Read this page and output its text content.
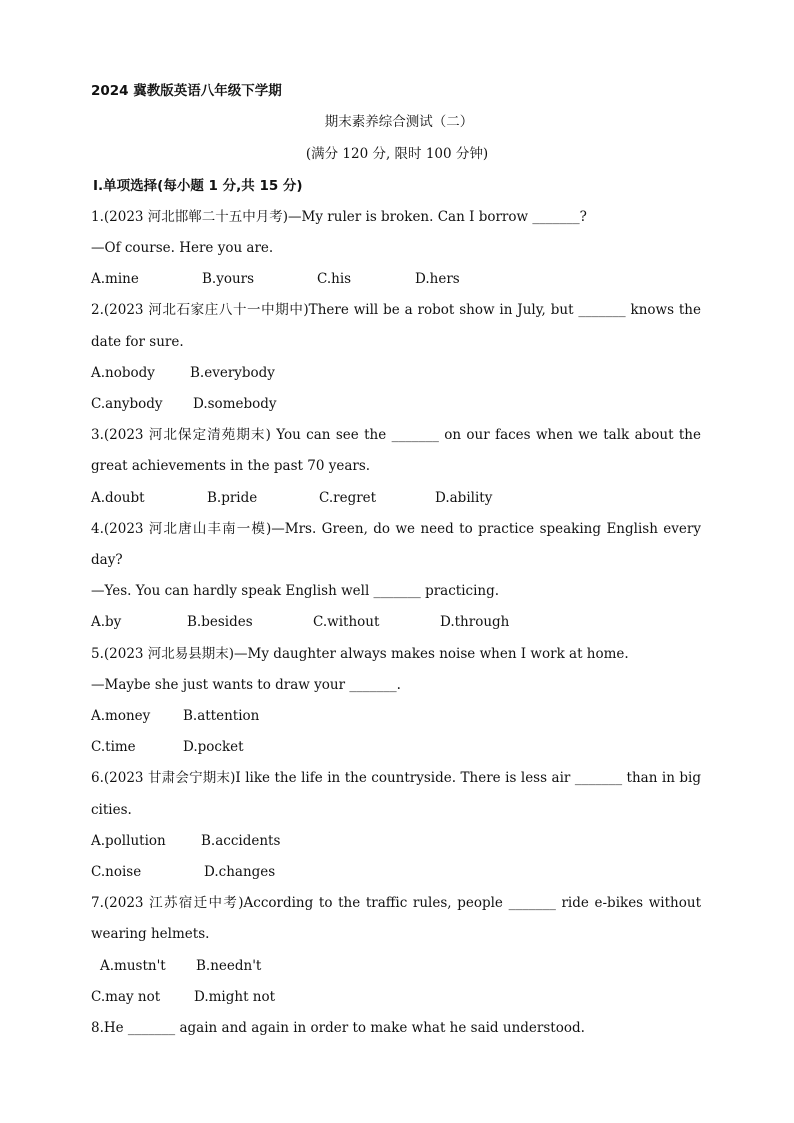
2024 冀教版英语八年级下学期
期末素养综合测试（二）
(满分 120 分, 限时 100 分钟)
Ⅰ.单项选择(每小题 1 分,共 15 分)
1.(2023 河北邯郸二十五中月考)—My ruler is broken. Can I borrow _______?
—Of course. Here you are.
A.mine	B.yours	C.his	D.hers
2.(2023 河北石家庄八十一中期中)There will be a robot show in July, but _______ knows the
date for sure.
A.nobody	B.everybody
C.anybody D.somebody
3.(2023 河北保定清苑期末) You can see the _______ on our faces when we talk about the
great achievements in the past 70 years.
A.doubt	B.pride	C.regret	D.ability
4.(2023 河北唐山丰南一模)—Mrs. Green, do we need to practice speaking English every
day?
—Yes. You can hardly speak English well _______ practicing.
A.by	B.besides	C.without	D.through
5.(2023 河北易县期末)—My daughter always makes noise when I work at home.
—Maybe she just wants to draw your _______.
A.money B.attention
C.time	D.pocket
6.(2023 甘肃会宁期末)I like the life in the countryside. There is less air _______ than in big
cities.
A.pollution	B.accidents
C.noise	D.changes
7.(2023 江苏宿迁中考)According to the traffic rules, people _______ ride e-bikes without
wearing helmets.
A.mustn't B.needn't
C.may not	D.might not
8.He _______ again and again in order to make what he said understood.
